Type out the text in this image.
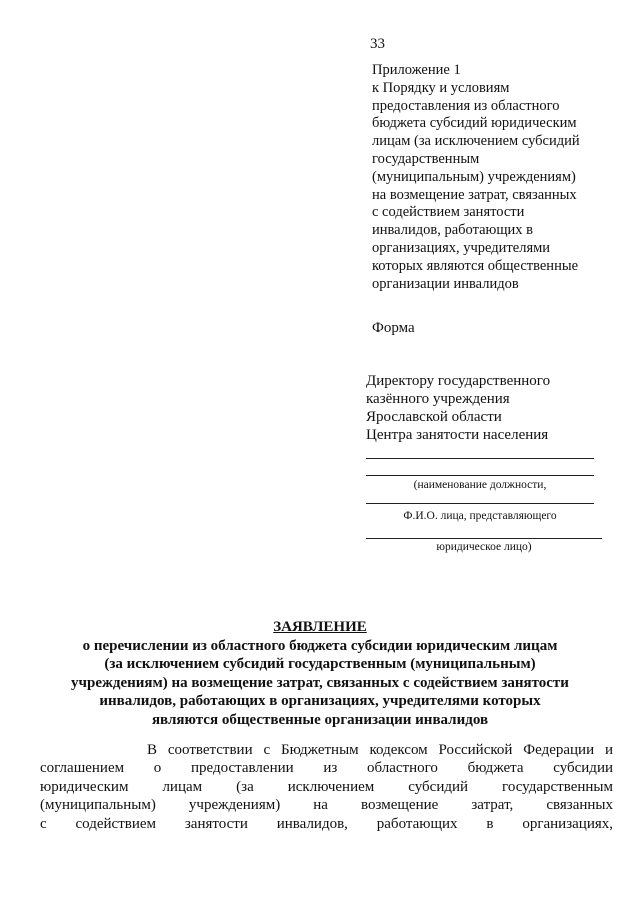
33
Приложение 1
к Порядку и условиям
предоставления из областного
бюджета субсидий юридическим
лицам (за исключением субсидий
государственным
(муниципальным) учреждениям)
на возмещение затрат, связанных
с содействием занятости
инвалидов, работающих в
организациях, учредителями
которых являются общественные
организации инвалидов
Форма
Директору государственного
казённого учреждения
Ярославской области
Центра занятости населения
(наименование должности,
Ф.И.О. лица, представляющего
юридическое лицо)
ЗАЯВЛЕНИЕ
о перечислении из областного бюджета субсидии юридическим лицам
(за исключением субсидий государственным (муниципальным)
учреждениям) на возмещение затрат, связанных с содействием занятости
инвалидов, работающих в организациях, учредителями которых
являются общественные организации инвалидов
В соответствии с Бюджетным кодексом Российской Федерации и
соглашением о предоставлении из областного бюджета субсидии
юридическим лицам (за исключением субсидий государственным
(муниципальным) учреждениям) на возмещение затрат, связанных
с содействием занятости инвалидов, работающих в организациях,
